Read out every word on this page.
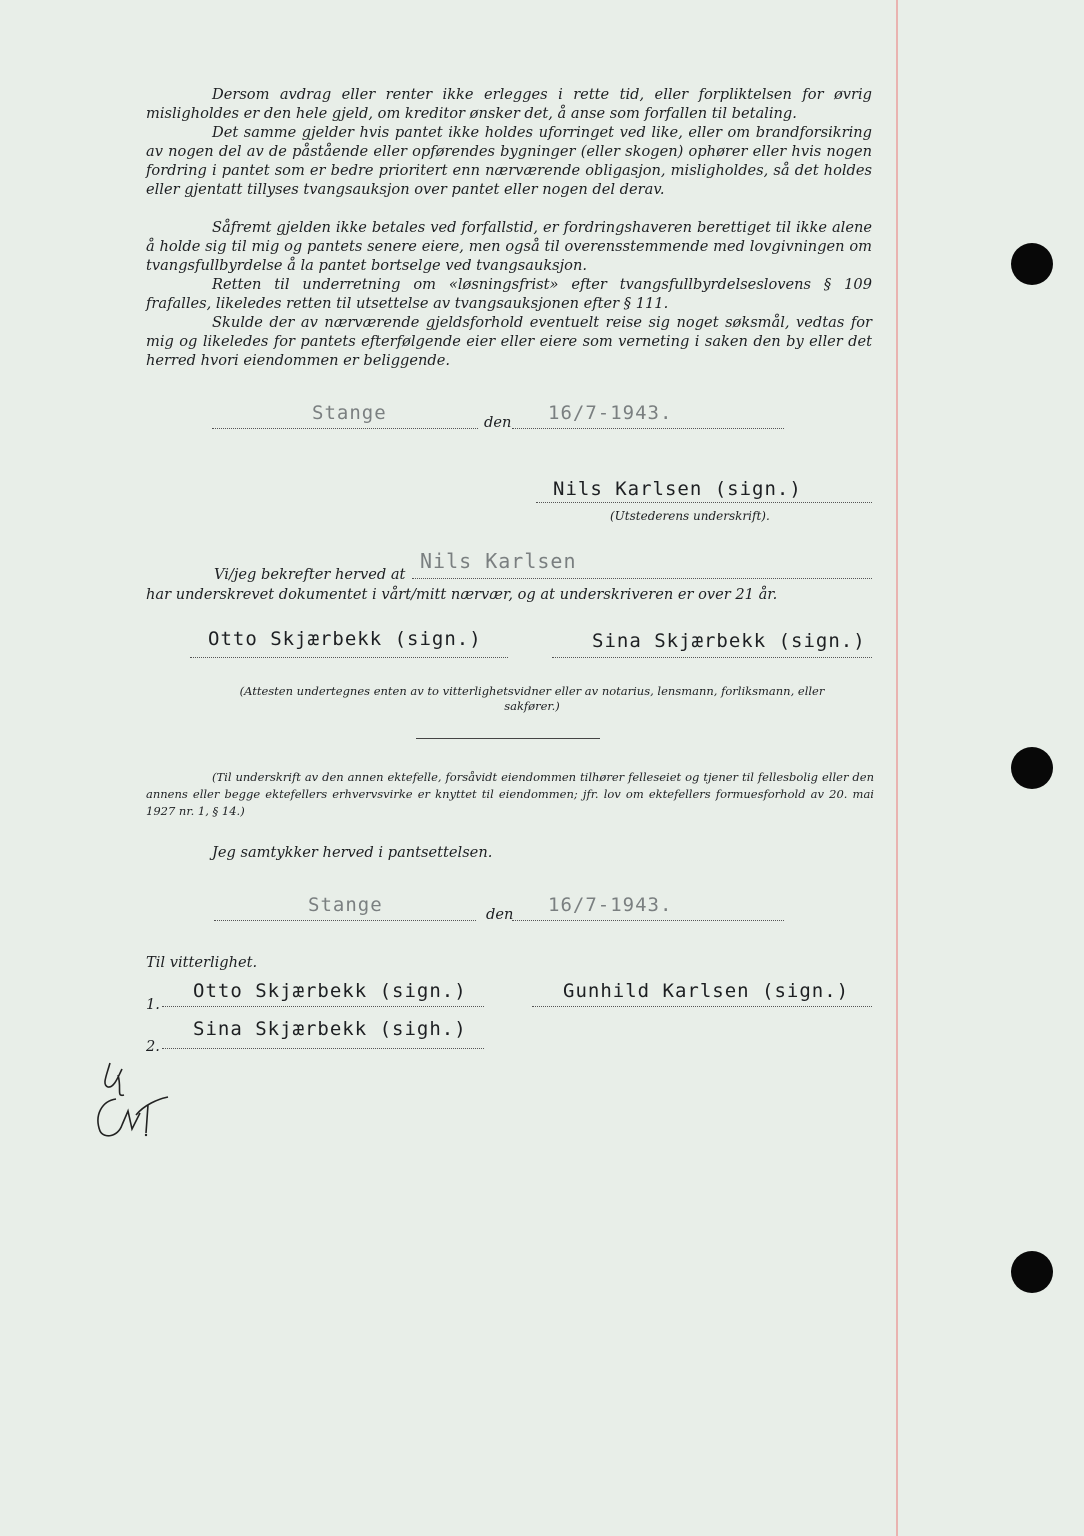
Dersom avdrag eller renter ikke erlegges i rette tid, eller forpliktelsen for øvrig misligholdes er den hele gjeld, om kreditor ønsker det, å anse som forfallen til betaling.
Det samme gjelder hvis pantet ikke holdes uforringet ved like, eller om brandforsikring av nogen del av de påstående eller opførendes bygninger (eller skogen) ophører eller hvis nogen fordring i pantet som er bedre prioritert enn nærværende obligasjon, misligholdes, så det holdes eller gjentatt tillyses tvangsauksjon over pantet eller nogen del derav.
Såfremt gjelden ikke betales ved forfallstid, er fordringshaveren berettiget til ikke alene å holde sig til mig og pantets senere eiere, men også til overensstemmende med lovgivningen om tvangsfullbyrdelse å la pantet bortselge ved tvangsauksjon.
Retten til underretning om «løsningsfrist» efter tvangsfullbyrdelseslovens § 109 frafalles, likeledes retten til utsettelse av tvangsauksjonen efter § 111.
Skulde der av nærværende gjeldsforhold eventuelt reise sig noget søksmål, vedtas for mig og likeledes for pantets efterfølgende eier eller eiere som verneting i saken den by eller det herred hvori eiendommen er beliggende.
Stange	den 16/7-1943.
Nils Karlsen (sign.)
(Utstederens underskrift).
Vi/jeg bekrefter herved at
Nils Karlsen
har underskrevet dokumentet i vårt/mitt nærvær, og at underskriveren er over 21 år.
Otto Skjærbekk (sign.)	Sina Skjærbekk (sign.)
(Attesten undertegnes enten av to vitterlighetsvidner eller av notarius, lensmann, forliksmann, eller sakfører.)
(Til underskrift av den annen ektefelle, forsåvidt eiendommen tilhører felleseiet og tjener til fellesbolig eller den annens eller begge ektefellers erhvervsvirke er knyttet til eiendommen; jfr. lov om ektefellers formuesforhold av 20. mai 1927 nr. 1, § 14.)
Jeg samtykker herved i pantsettelsen.
Stange	den 16/7-1943.
Til vitterlighet.
1.
Otto Skjærbekk (sign.)	Gunhild Karlsen (sign.)
2.
Sina Skjærbekk (sigh.)
